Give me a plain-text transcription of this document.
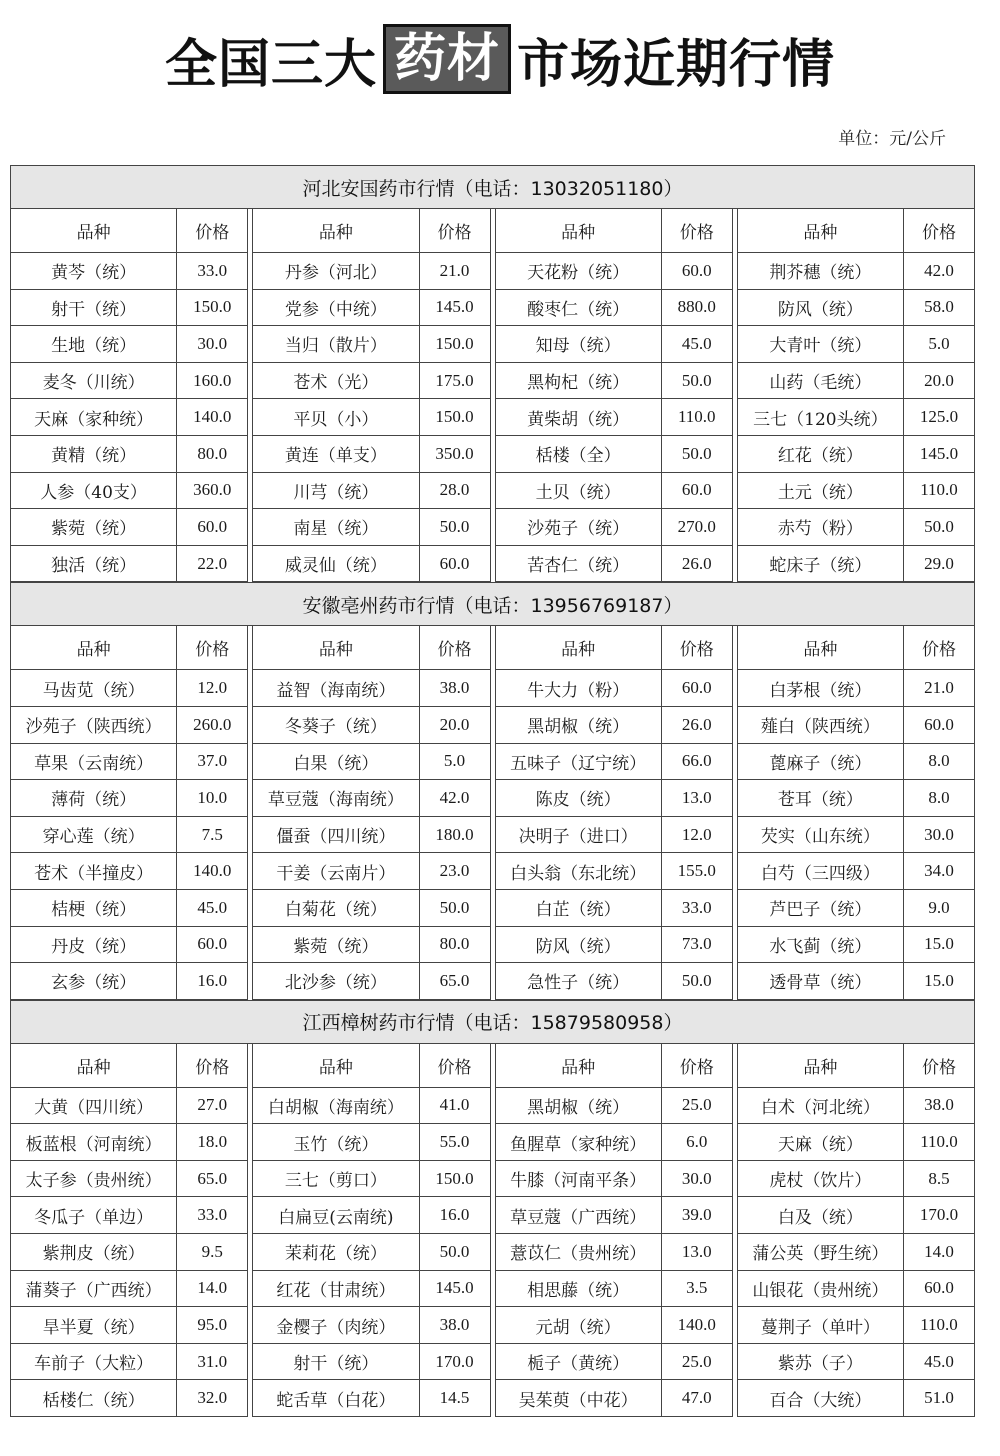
全国三大 药材 市场近期行情
单位：元/公斤
河北安国药市行情（电话：13032051180）
品种	价格
黄芩（统）	33.0
射干（统）	150.0
生地（统）	30.0
麦冬（川统）	160.0
天麻（家种统）	140.0
黄精（统）	80.0
人参（40支）	360.0
紫菀（统）	60.0
独活（统）	22.0
品种	价格
丹参（河北）	21.0
党参（中统）	145.0
当归（散片）	150.0
苍术（光）	175.0
平贝（小）	150.0
黄连（单支）	350.0
川芎（统）	28.0
南星（统）	50.0
威灵仙（统）	60.0
品种	价格
天花粉（统）	60.0
酸枣仁（统）	880.0
知母（统）	45.0
黑枸杞（统）	50.0
黄柴胡（统）	110.0
栝楼（全）	50.0
土贝（统）	60.0
沙苑子（统）	270.0
苦杏仁（统）	26.0
品种	价格
荆芥穗（统）	42.0
防风（统）	58.0
大青叶（统）	5.0
山药（毛统）	20.0
三七（120头统）	125.0
红花（统）	145.0
土元（统）	110.0
赤芍（粉）	50.0
蛇床子（统）	29.0
安徽亳州药市行情（电话：13956769187）
品种	价格
马齿苋（统）	12.0
沙苑子（陕西统）	260.0
草果（云南统）	37.0
薄荷（统）	10.0
穿心莲（统）	7.5
苍术（半撞皮）	140.0
桔梗（统）	45.0
丹皮（统）	60.0
玄参（统）	16.0
品种	价格
益智（海南统）	38.0
冬葵子（统）	20.0
白果（统）	5.0
草豆蔻（海南统）	42.0
僵蚕（四川统）	180.0
干姜（云南片）	23.0
白菊花（统）	50.0
紫菀（统）	80.0
北沙参（统）	65.0
品种	价格
牛大力（粉）	60.0
黑胡椒（统）	26.0
五味子（辽宁统）	66.0
陈皮（统）	13.0
决明子（进口）	12.0
白头翁（东北统）	155.0
白芷（统）	33.0
防风（统）	73.0
急性子（统）	50.0
品种	价格
白茅根（统）	21.0
薤白（陕西统）	60.0
蓖麻子（统）	8.0
苍耳（统）	8.0
芡实（山东统）	30.0
白芍（三四级）	34.0
芦巴子（统）	9.0
水飞蓟（统）	15.0
透骨草（统）	15.0
江西樟树药市行情（电话：15879580958）
品种	价格
大黄（四川统）	27.0
板蓝根（河南统）	18.0
太子参（贵州统）	65.0
冬瓜子（单边）	33.0
紫荆皮（统）	9.5
蒲葵子（广西统）	14.0
旱半夏（统）	95.0
车前子（大粒）	31.0
栝楼仁（统）	32.0
品种	价格
白胡椒（海南统）	41.0
玉竹（统）	55.0
三七（剪口）	150.0
白扁豆(云南统)	16.0
茉莉花（统）	50.0
红花（甘肃统）	145.0
金樱子（肉统）	38.0
射干（统）	170.0
蛇舌草（白花）	14.5
品种	价格
黑胡椒（统）	25.0
鱼腥草（家种统）	6.0
牛膝（河南平条）	30.0
草豆蔻（广西统）	39.0
薏苡仁（贵州统）	13.0
相思藤（统）	3.5
元胡（统）	140.0
栀子（黄统）	25.0
吴茱萸（中花）	47.0
品种	价格
白术（河北统）	38.0
天麻（统）	110.0
虎杖（饮片）	8.5
白及（统）	170.0
蒲公英（野生统）	14.0
山银花（贵州统）	60.0
蔓荆子（单叶）	110.0
紫苏（子）	45.0
百合（大统）	51.0
